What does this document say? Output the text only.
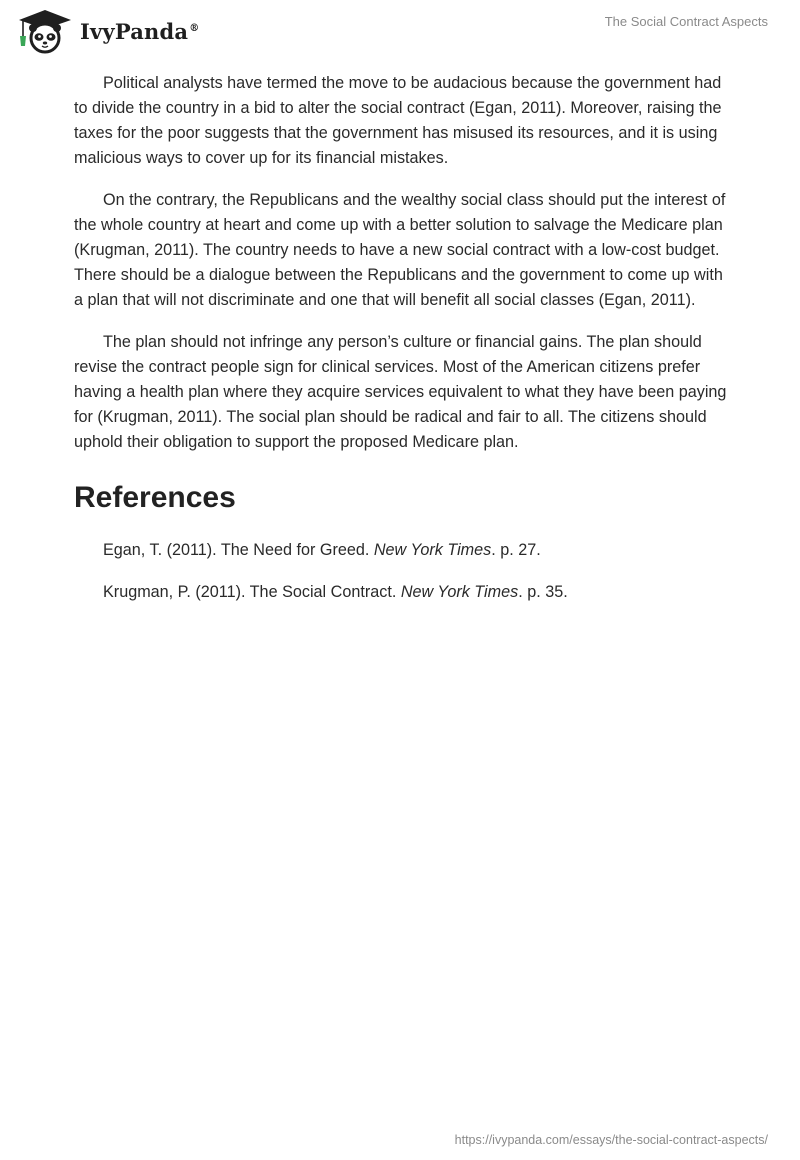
IvyPanda®	The Social Contract Aspects

Political analysts have termed the move to be audacious because the government had to divide the country in a bid to alter the social contract (Egan, 2011). Moreover, raising the taxes for the poor suggests that the government has misused its resources, and it is using malicious ways to cover up for its financial mistakes.

On the contrary, the Republicans and the wealthy social class should put the interest of the whole country at heart and come up with a better solution to salvage the Medicare plan (Krugman, 2011). The country needs to have a new social contract with a low-cost budget. There should be a dialogue between the Republicans and the government to come up with a plan that will not discriminate and one that will benefit all social classes (Egan, 2011).

The plan should not infringe any person’s culture or financial gains. The plan should revise the contract people sign for clinical services. Most of the American citizens prefer having a health plan where they acquire services equivalent to what they have been paying for (Krugman, 2011). The social plan should be radical and fair to all. The citizens should uphold their obligation to support the proposed Medicare plan.

References

Egan, T. (2011). The Need for Greed. New York Times. p. 27.

Krugman, P. (2011). The Social Contract. New York Times. p. 35.

https://ivypanda.com/essays/the-social-contract-aspects/
